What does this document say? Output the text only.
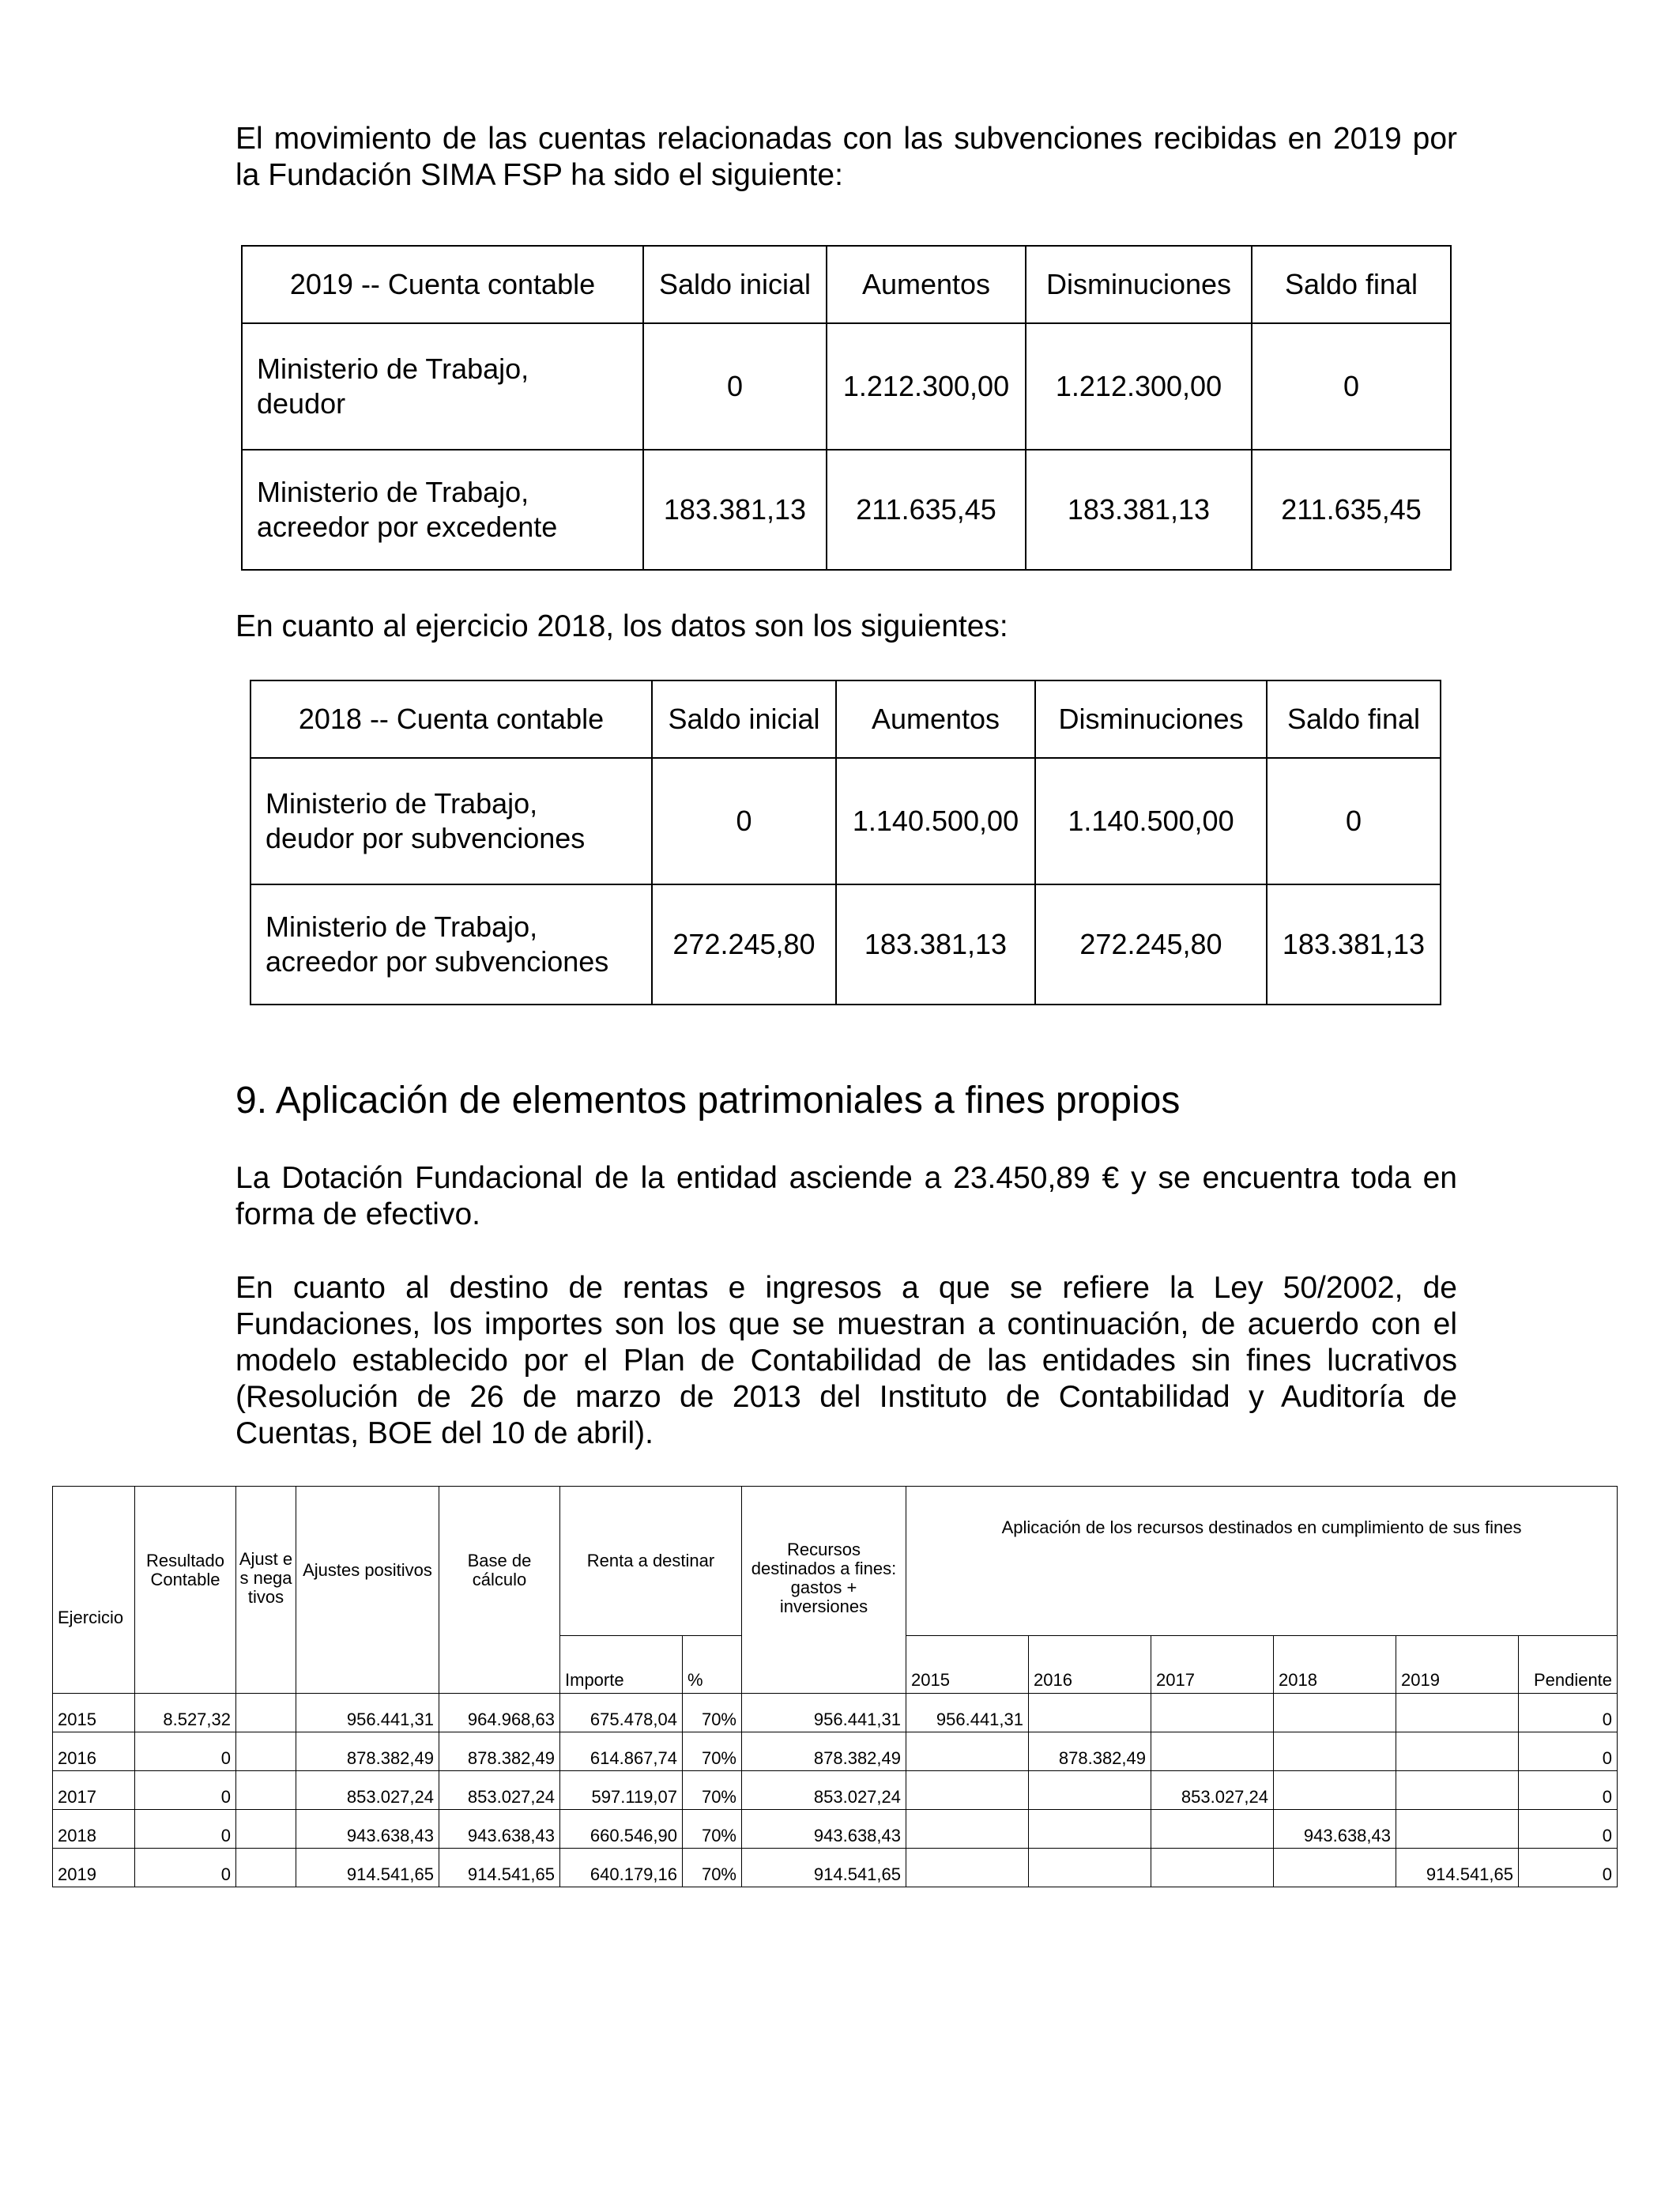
El movimiento de las cuentas relacionadas con las subvenciones recibidas en 2019 por la Fundación SIMA FSP ha sido el siguiente:
2019 -- Cuenta contable	Saldo inicial	Aumentos	Disminuciones	Saldo final

Ministerio de Trabajo,
deudor	0	1.212.300,00	1.212.300,00	0

Ministerio de Trabajo,
acreedor por excedente	183.381,13	211.635,45	183.381,13	211.635,45
En cuanto al ejercicio 2018, los datos son los siguientes:
2018 -- Cuenta contable	Saldo inicial	Aumentos	Disminuciones	Saldo final

Ministerio de Trabajo,
deudor por subvenciones	0	1.140.500,00	1.140.500,00	0

Ministerio de Trabajo,
acreedor por subvenciones	272.245,80	183.381,13	272.245,80	183.381,13
9. Aplicación de elementos patrimoniales a fines propios
La Dotación Fundacional de la entidad asciende a 23.450,89 € y se encuentra toda en forma de efectivo.
En cuanto al destino de rentas e ingresos a que se refiere la Ley 50/2002, de Fundaciones, los importes son los que se muestran a continuación, de acuerdo con el modelo establecido por el Plan de Contabilidad de las entidades sin fines lucrativos (Resolución de 26 de marzo de 2013 del Instituto de Contabilidad y Auditoría de Cuentas, BOE del 10 de abril).
Ejercicio	Resultado Contable	Ajust es nega tivos	Ajustes positivos	Base de cálculo	Renta a destinar		Recursos destinados a fines: gastos + inversiones	Aplicación de los recursos destinados en cumplimiento de sus fines					
					Importe	%		2015	2016	2017	2018	2019	Pendiente
2015	8.527,32		956.441,31	964.968,63	675.478,04	70%	956.441,31	956.441,31					0
2016	0		878.382,49	878.382,49	614.867,74	70%	878.382,49		878.382,49				0
2017	0		853.027,24	853.027,24	597.119,07	70%	853.027,24			853.027,24			0
2018	0		943.638,43	943.638,43	660.546,90	70%	943.638,43				943.638,43		0
2019	0		914.541,65	914.541,65	640.179,16	70%	914.541,65					914.541,65	0
